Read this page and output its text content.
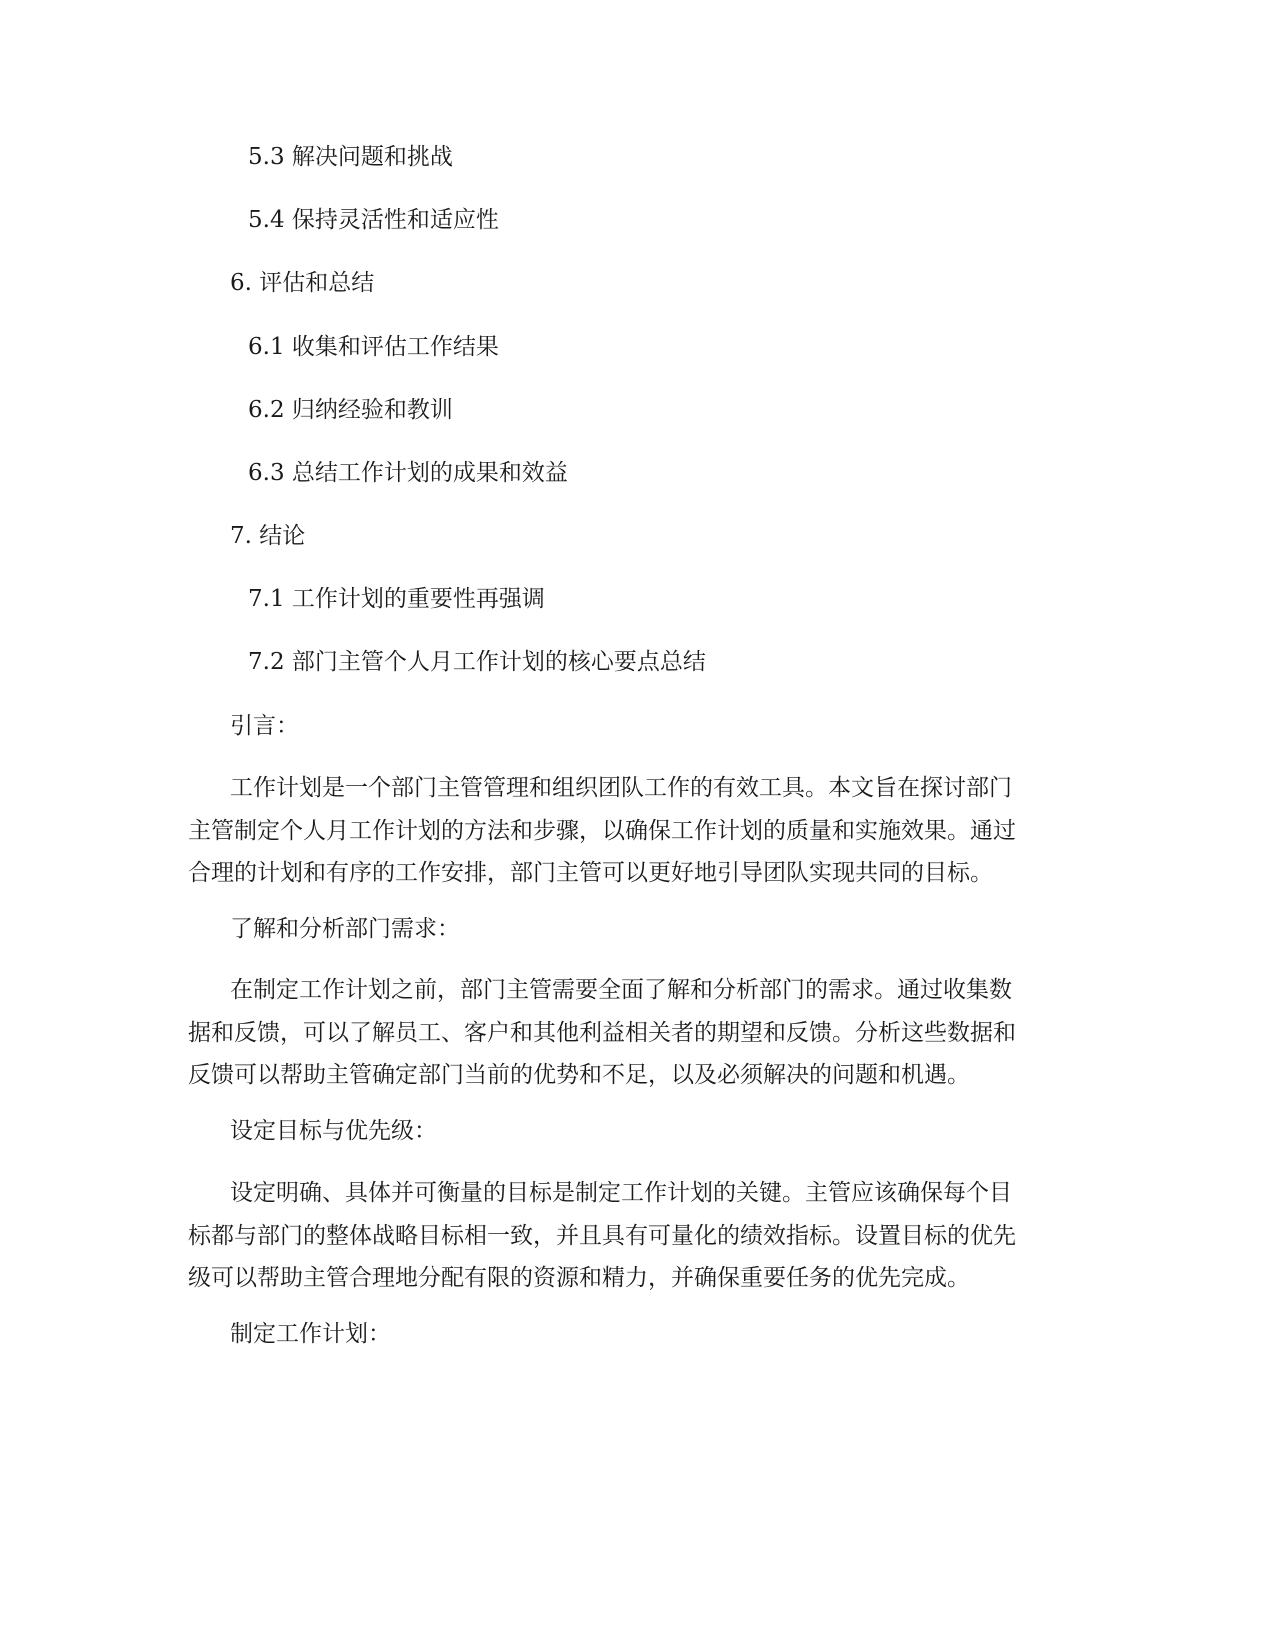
5.3 解决问题和挑战
5.4 保持灵活性和适应性
6. 评估和总结
6.1 收集和评估工作结果
6.2 归纳经验和教训
6.3 总结工作计划的成果和效益
7. 结论
7.1 工作计划的重要性再强调
7.2 部门主管个人月工作计划的核心要点总结
引言：
工作计划是一个部门主管管理和组织团队工作的有效工具。本文旨在探讨部门
主管制定个人月工作计划的方法和步骤，以确保工作计划的质量和实施效果。通过
合理的计划和有序的工作安排，部门主管可以更好地引导团队实现共同的目标。
了解和分析部门需求：
在制定工作计划之前，部门主管需要全面了解和分析部门的需求。通过收集数
据和反馈，可以了解员工、客户和其他利益相关者的期望和反馈。分析这些数据和
反馈可以帮助主管确定部门当前的优势和不足，以及必须解决的问题和机遇。
设定目标与优先级：
设定明确、具体并可衡量的目标是制定工作计划的关键。主管应该确保每个目
标都与部门的整体战略目标相一致，并且具有可量化的绩效指标。设置目标的优先
级可以帮助主管合理地分配有限的资源和精力，并确保重要任务的优先完成。
制定工作计划：
